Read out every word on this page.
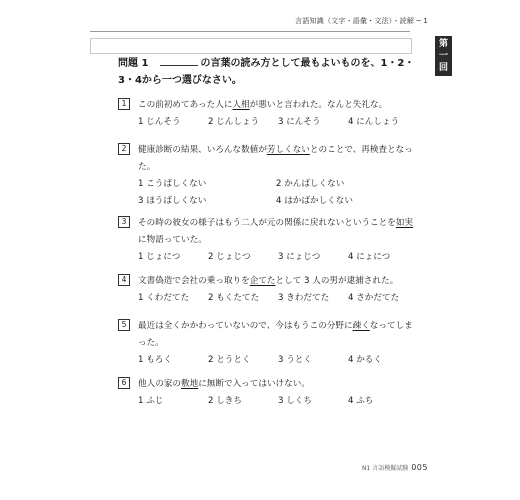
言語知識（文字・語彙・文法）・読解 ─ 1
第
一
回
問題 1	の言葉の読み方として最もよいものを、1・2・3・4から一つ選びなさい。
1 この前初めてあった人に人相が悪いと言われた。なんと失礼な。
1 じんそう	2 じんしょう	3 にんそう	4 にんしょう
2 健康診断の結果、いろんな数値が芳しくないとのことで、再検査となっ
た。
1 こうばしくない	2 かんばしくない
3 ほうばしくない	4 はかばかしくない
3 その時の彼女の様子はもう二人が元の関係に戻れないということを如実
に物語っていた。
1 じょにつ	2 じょじつ	3 にょじつ	4 にょにつ
4 文書偽造で会社の乗っ取りを企てたとして 3 人の男が逮捕された。
1 くわだてた	2 もくたてた	3 きわだてた	4 さかだてた
5 最近は全くかかわっていないので、今はもうこの分野に疎くなってしま
った。
1 もろく	2 とうとく	3 うとく	4 かるく
6 他人の家の敷地に無断で入ってはいけない。
1 ふじ	2 しきち	3 しくち	4 ふち
N1 言語模擬試験 005
